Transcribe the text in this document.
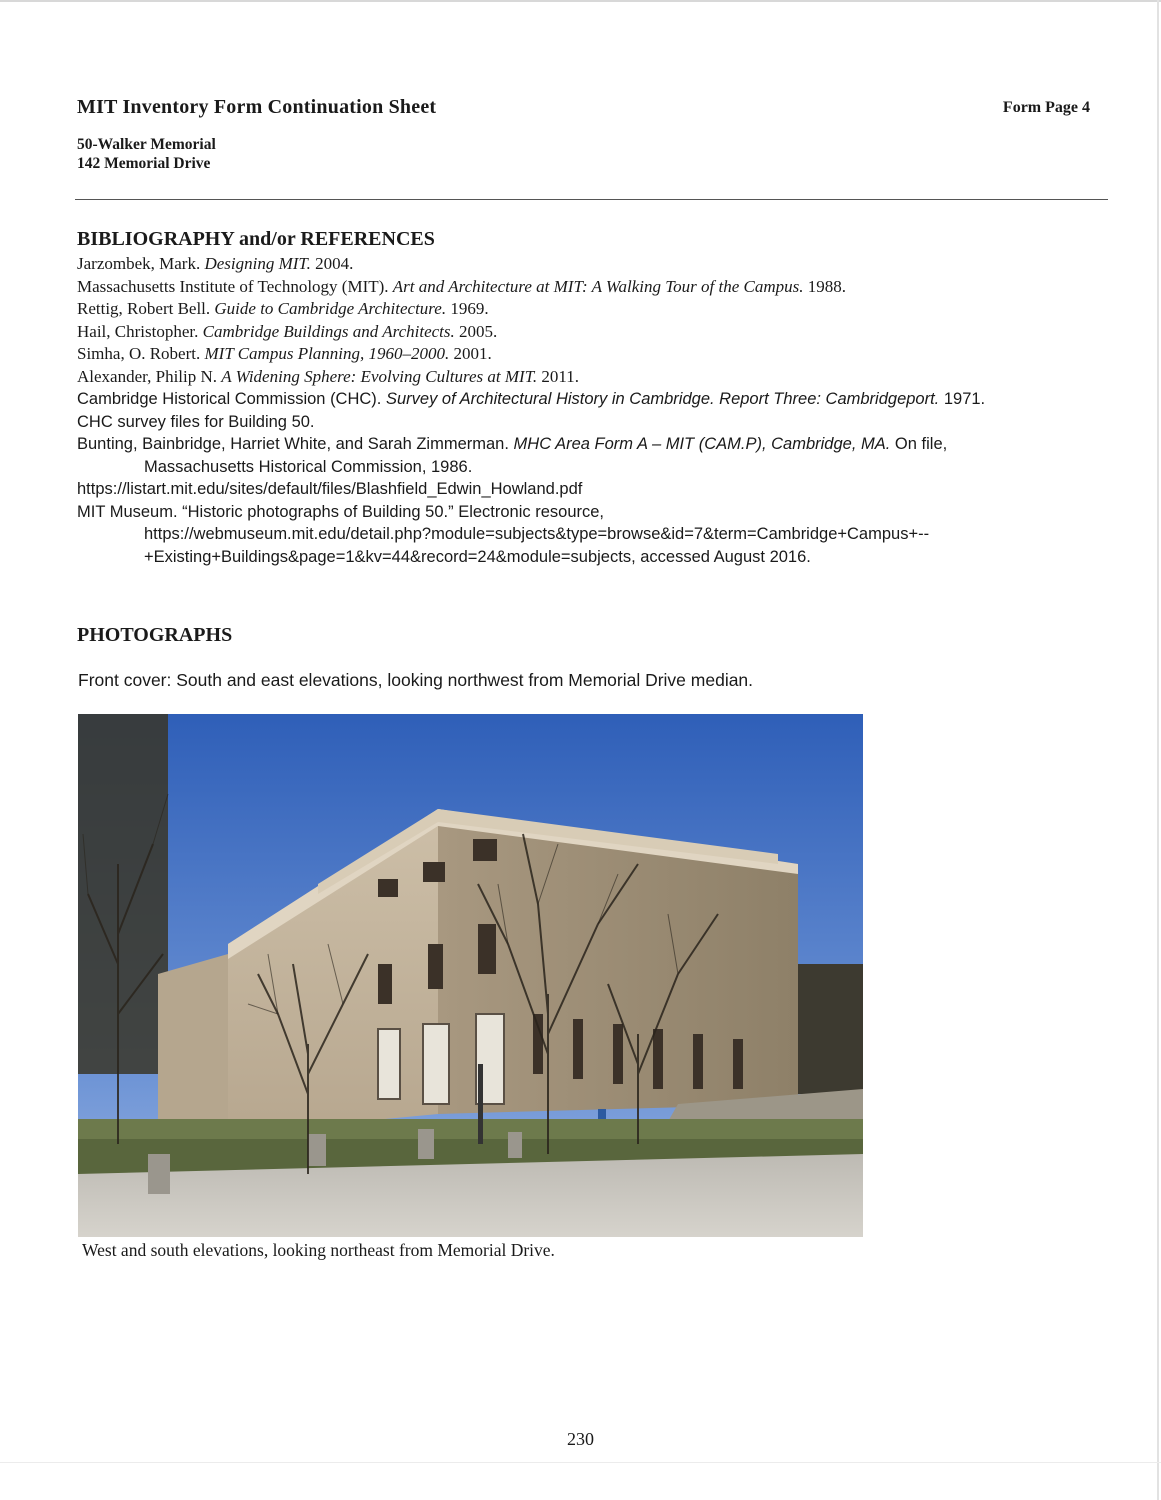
MIT Inventory Form Continuation Sheet	Form Page 4
50-Walker Memorial
142 Memorial Drive
BIBLIOGRAPHY and/or REFERENCES
Jarzombek, Mark. Designing MIT. 2004.
Massachusetts Institute of Technology (MIT). Art and Architecture at MIT: A Walking Tour of the Campus. 1988.
Rettig, Robert Bell. Guide to Cambridge Architecture. 1969.
Hail, Christopher. Cambridge Buildings and Architects. 2005.
Simha, O. Robert. MIT Campus Planning, 1960–2000. 2001.
Alexander, Philip N. A Widening Sphere: Evolving Cultures at MIT. 2011.
Cambridge Historical Commission (CHC). Survey of Architectural History in Cambridge. Report Three: Cambridgeport. 1971.
CHC survey files for Building 50.
Bunting, Bainbridge, Harriet White, and Sarah Zimmerman. MHC Area Form A – MIT (CAM.P), Cambridge, MA. On file,
Massachusetts Historical Commission, 1986.
https://listart.mit.edu/sites/default/files/Blashfield_Edwin_Howland.pdf
MIT Museum. “Historic photographs of Building 50.” Electronic resource,
https://webmuseum.mit.edu/detail.php?module=subjects&type=browse&id=7&term=Cambridge+Campus+--
+Existing+Buildings&page=1&kv=44&record=24&module=subjects, accessed August 2016.
PHOTOGRAPHS
Front cover: South and east elevations, looking northwest from Memorial Drive median.
West and south elevations, looking northeast from Memorial Drive.
230
